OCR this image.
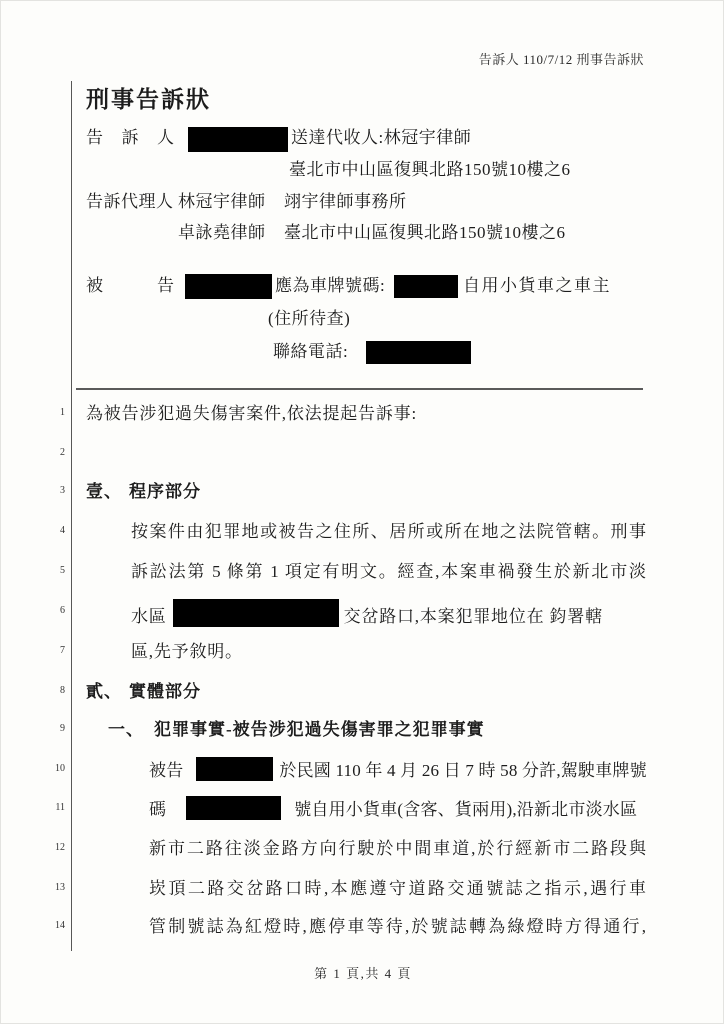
告訴人 110/7/12 刑事告訴狀
刑事告訴狀
告訴人	送達代收人:林冠宇律師
臺北市中山區復興北路150號10樓之6
告訴代理人 林冠宇律師 翊宇律師事務所
卓詠堯律師 臺北市中山區復興北路150號10樓之6
被告	應為車牌號碼:	自用小貨車之車主
(住所待查)
聯絡電話:
1
2
3
4
5
6
7
8
9
10
11
12
13
14
為被告涉犯過失傷害案件,依法提起告訴事:
壹、 程序部分
按案件由犯罪地或被告之住所、居所或所在地之法院管轄。刑事
訴訟法第 5 條第 1 項定有明文。經查,本案車禍發生於新北市淡
水區	交岔路口,本案犯罪地位在 鈞署轄
區,先予敘明。
貳、 實體部分
一、 犯罪事實-被告涉犯過失傷害罪之犯罪事實
被告	於民國 110 年 4 月 26 日 7 時 58 分許,駕駛車牌號
碼	號自用小貨車(含客、貨兩用),沿新北市淡水區
新市二路往淡金路方向行駛於中間車道,於行經新市二路段與
崁頂二路交岔路口時,本應遵守道路交通號誌之指示,遇行車
管制號誌為紅燈時,應停車等待,於號誌轉為綠燈時方得通行,
第 1 頁,共 4 頁
